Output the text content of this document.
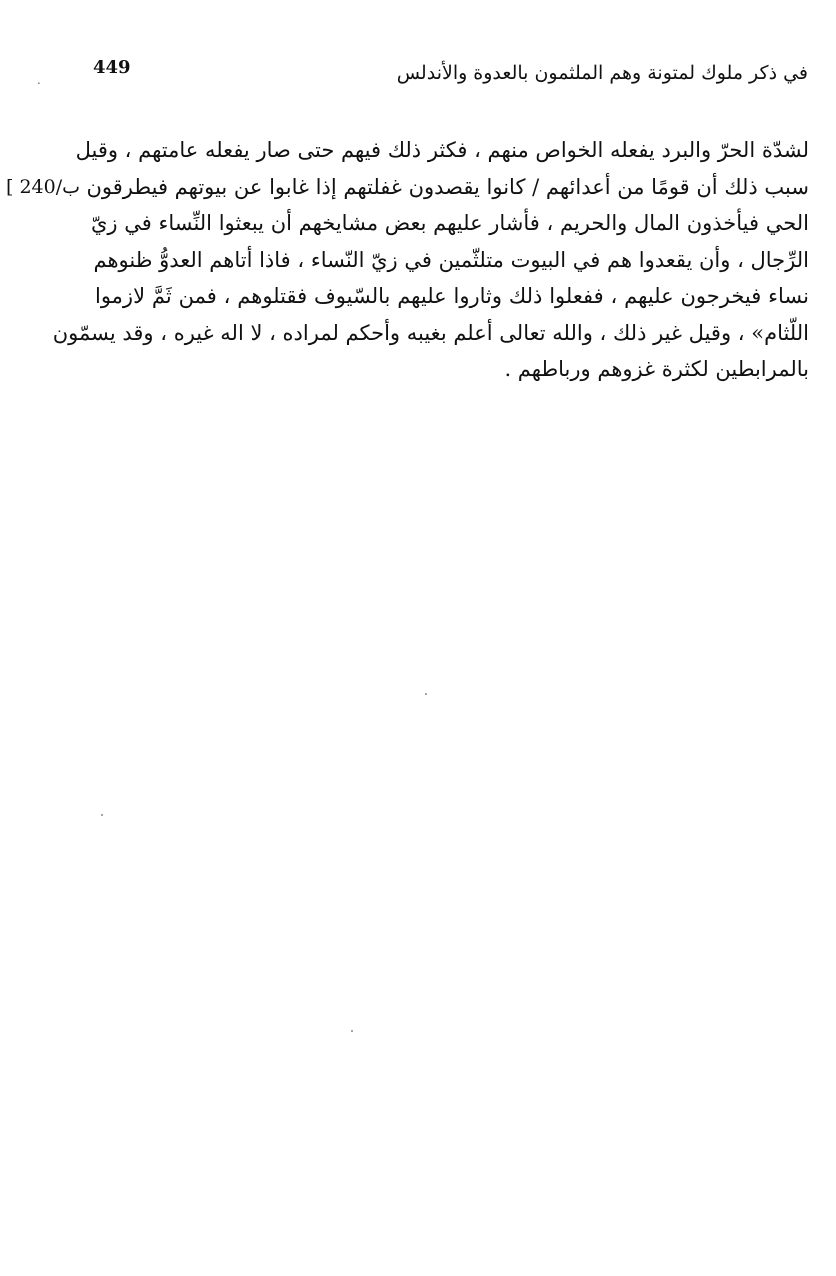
449
.	في ذكر ملوك لمتونة وهم الملثمون بالعدوة والأندلس
[ 240/ب
لشدّة الحرّ والبرد يفعله الخواص منهم ، فكثر ذلك فيهم حتى صار يفعله عامتهم ، وقيل
سبب ذلك أن قومًا من أعدائهم / كانوا يقصدون غفلتهم إذا غابوا عن بيوتهم فيطرقون
الحي فيأخذون المال والحريم ، فأشار عليهم بعض مشايخهم أن يبعثوا النِّساء في زيّ
الرِّجال ، وأن يقعدوا هم في البيوت متلثّمين في زيّ النّساء ، فاذا أتاهم العدوُّ ظنوهم
نساء فيخرجون عليهم ، ففعلوا ذلك وثاروا عليهم بالسّيوف فقتلوهم ، فمن ثَمَّ لازموا
اللّثام» ، وقيل غير ذلك ، والله تعالى أعلم بغيبه وأحكم لمراده ، لا اله غيره ، وقد يسمّون
بالمرابطين لكثرة غزوهم ورباطهم .
